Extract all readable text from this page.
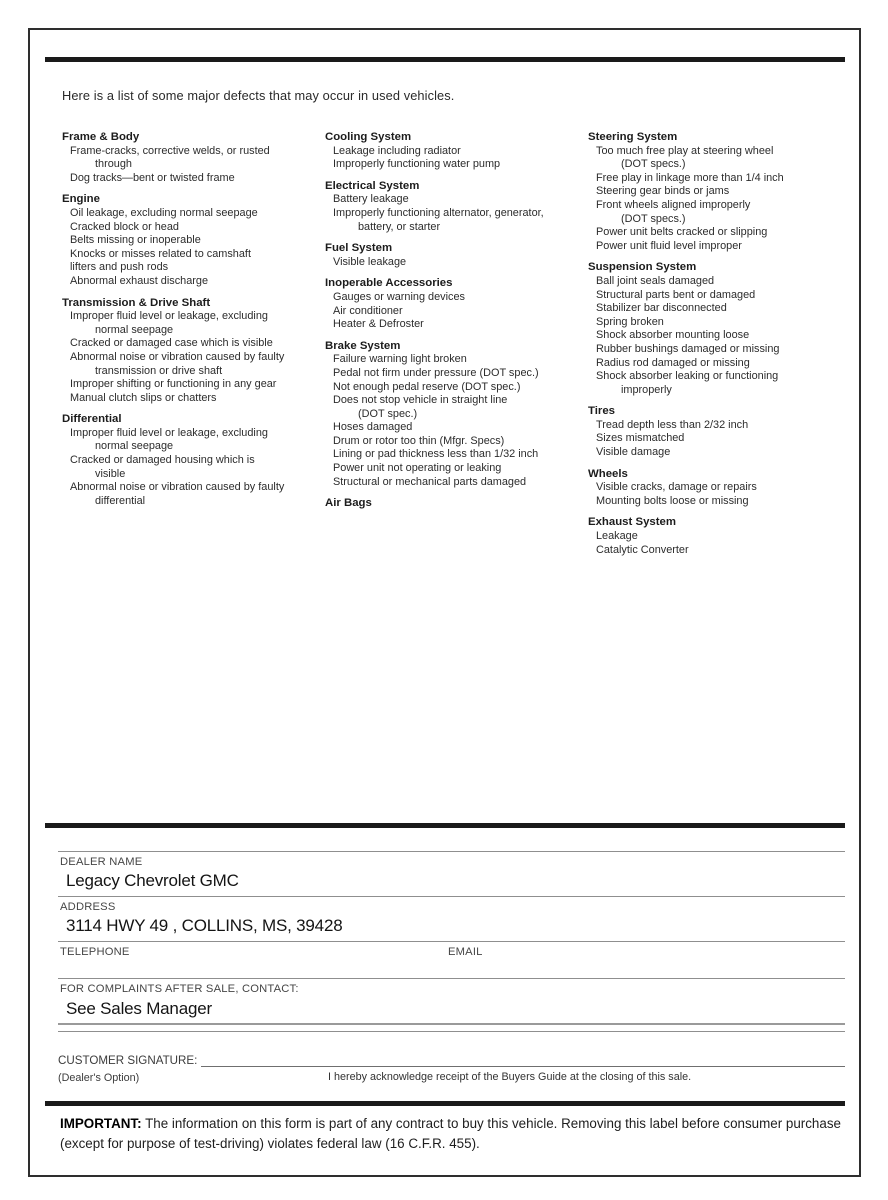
Here is a list of some major defects that may occur in used vehicles.
Frame & Body
Frame-cracks, corrective welds, or rusted
through
Dog tracks—bent or twisted frame
Engine
Oil leakage, excluding normal seepage
Cracked block or head
Belts missing or inoperable
Knocks or misses related to camshaft
lifters and push rods
Abnormal exhaust discharge
Transmission & Drive Shaft
Improper fluid level or leakage, excluding
normal seepage
Cracked or damaged case which is visible
Abnormal noise or vibration caused by faulty
transmission or drive shaft
Improper shifting or functioning in any gear
Manual clutch slips or chatters
Differential
Improper fluid level or leakage, excluding
normal seepage
Cracked or damaged housing which is
visible
Abnormal noise or vibration caused by faulty
differential
Cooling System
Leakage including radiator
Improperly functioning water pump
Electrical System
Battery leakage
Improperly functioning alternator, generator,
battery, or starter
Fuel System
Visible leakage
Inoperable Accessories
Gauges or warning devices
Air conditioner
Heater & Defroster
Brake System
Failure warning light broken
Pedal not firm under pressure (DOT spec.)
Not enough pedal reserve (DOT spec.)
Does not stop vehicle in straight line
(DOT spec.)
Hoses damaged
Drum or rotor too thin (Mfgr. Specs)
Lining or pad thickness less than 1/32 inch
Power unit not operating or leaking
Structural or mechanical parts damaged
Air Bags
Steering System
Too much free play at steering wheel
(DOT specs.)
Free play in linkage more than 1/4 inch
Steering gear binds or jams
Front wheels aligned improperly
(DOT specs.)
Power unit belts cracked or slipping
Power unit fluid level improper
Suspension System
Ball joint seals damaged
Structural parts bent or damaged
Stabilizer bar disconnected
Spring broken
Shock absorber mounting loose
Rubber bushings damaged or missing
Radius rod damaged or missing
Shock absorber leaking or functioning
improperly
Tires
Tread depth less than 2/32 inch
Sizes mismatched
Visible damage
Wheels
Visible cracks, damage or repairs
Mounting bolts loose or missing
Exhaust System
Leakage
Catalytic Converter
DEALER NAME
Legacy Chevrolet GMC
ADDRESS
3114 HWY 49 , COLLINS, MS, 39428
TELEPHONE	EMAIL
FOR COMPLAINTS AFTER SALE, CONTACT:
See Sales Manager
CUSTOMER SIGNATURE:
(Dealer's Option)	I hereby acknowledge receipt of the Buyers Guide at the closing of this sale.
IMPORTANT: The information on this form is part of any contract to buy this vehicle. Removing this label before consumer purchase (except for purpose of test-driving) violates federal law (16 C.F.R. 455).
